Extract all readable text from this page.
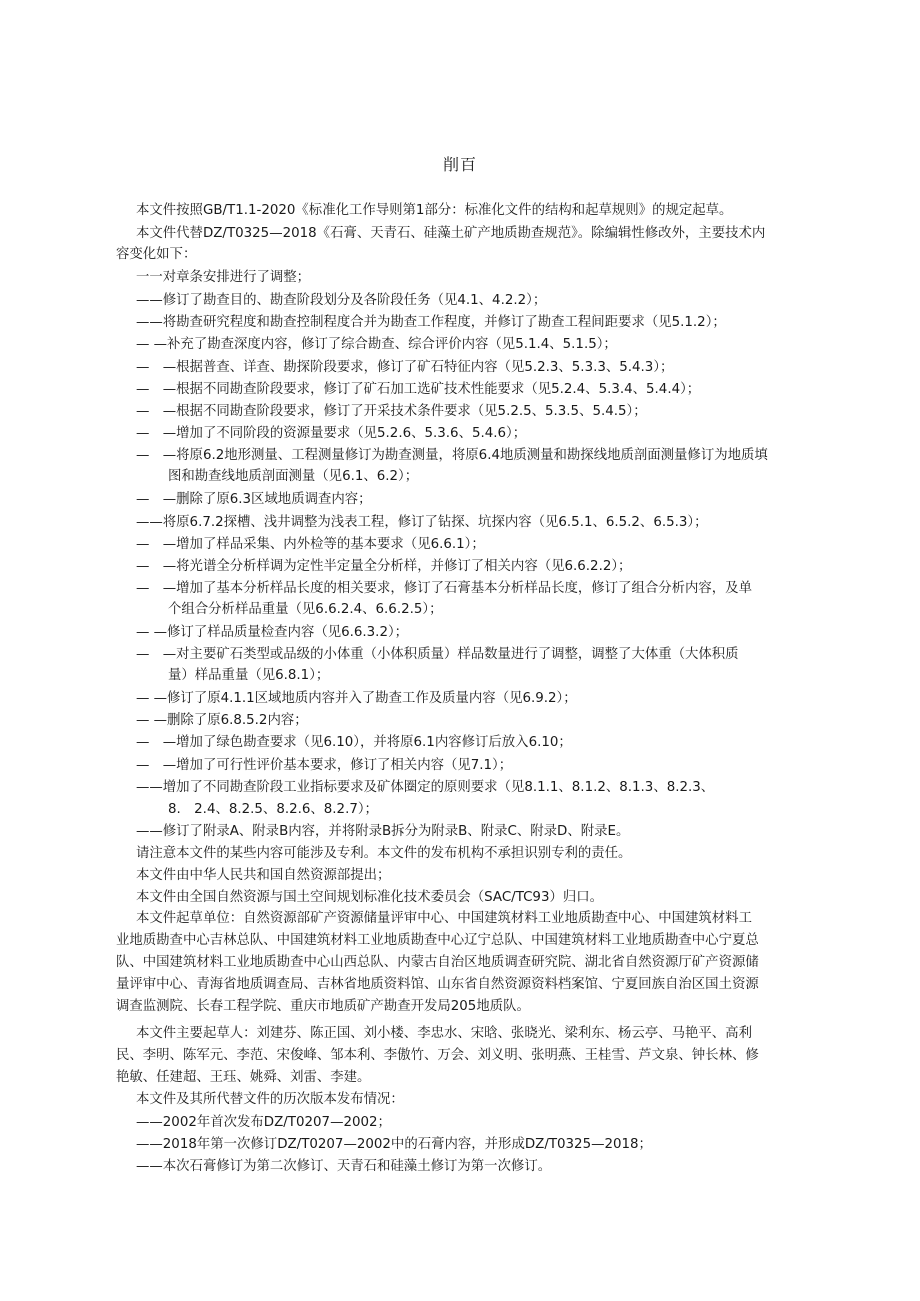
削百
本文件按照GB/T1.1-2020《标准化工作导则第1部分：标准化文件的结构和起草规则》的规定起草。
本文件代替DZ/T0325—2018《石膏、天青石、硅藻土矿产地质勘查规范》。除编辑性修改外，主要技术内
容变化如下：
一一对章条安排进行了调整；
——修订了勘查目的、勘查阶段划分及各阶段任务（见4.1、4.2.2）；
——将勘查研究程度和勘查控制程度合并为勘查工作程度，并修订了勘查工程间距要求（见5.1.2）；
— —补充了勘查深度内容，修订了综合勘查、综合评价内容（见5.1.4、5.1.5）；
—　—根据普查、详查、勘探阶段要求，修订了矿石特征内容（见5.2.3、5.3.3、5.4.3）；
—　—根据不同勘查阶段要求，修订了矿石加工选矿技术性能要求（见5.2.4、5.3.4、5.4.4）；
—　—根据不同勘查阶段要求，修订了开采技术条件要求（见5.2.5、5.3.5、5.4.5）；
—　—增加了不同阶段的资源量要求（见5.2.6、5.3.6、5.4.6）；
—　—将原6.2地形测量、工程测量修订为勘查测量，将原6.4地质测量和勘探线地质剖面测量修订为地质填
图和勘查线地质剖面测量（见6.1、6.2）；
—　—删除了原6.3区域地质调查内容；
——将原6.7.2探槽、浅井调整为浅表工程，修订了钻探、坑探内容（见6.5.1、6.5.2、6.5.3）；
—　—增加了样品采集、内外检等的基本要求（见6.6.1）；
—　—将光谱全分析样调为定性半定量全分析样，并修订了相关内容（见6.6.2.2）；
—　—增加了基本分析样品长度的相关要求，修订了石膏基本分析样品长度，修订了组合分析内容，及单
个组合分析样品重量（见6.6.2.4、6.6.2.5）；
— —修订了样品质量检查内容（见6.6.3.2）；
—　—对主要矿石类型或品级的小体重（小体积质量）样品数量进行了调整，调整了大体重（大体积质
量）样品重量（见6.8.1）；
— —修订了原4.1.1区域地质内容并入了勘查工作及质量内容（见6.9.2）；
— —删除了原6.8.5.2内容；
—　—增加了绿色勘查要求（见6.10），并将原6.1内容修订后放入6.10；
—　—增加了可行性评价基本要求，修订了相关内容（见7.1）；
——增加了不同勘查阶段工业指标要求及矿体圈定的原则要求（见8.1.1、8.1.2、8.1.3、8.2.3、
8.　2.4、8.2.5、8.2.6、8.2.7）；
——修订了附录A、附录B内容，并将附录B拆分为附录B、附录C、附录D、附录E。
请注意本文件的某些内容可能涉及专利。本文件的发布机构不承担识别专利的责任。
本文件由中华人民共和国自然资源部提出；
本文件由全国自然资源与国土空间规划标准化技术委员会（SAC/TC93）归口。
本文件起草单位：自然资源部矿产资源储量评审中心、中国建筑材料工业地质勘查中心、中国建筑材料工
业地质勘查中心吉林总队、中国建筑材料工业地质勘查中心辽宁总队、中国建筑材料工业地质勘查中心宁夏总
队、中国建筑材料工业地质勘查中心山西总队、内蒙古自治区地质调查研究院、湖北省自然资源厅矿产资源储
量评审中心、青海省地质调查局、吉林省地质资料馆、山东省自然资源资料档案馆、宁夏回族自治区国土资源
调查监测院、长春工程学院、重庆市地质矿产勘查开发局205地质队。
本文件主要起草人：刘建芬、陈正国、刘小楼、李忠水、宋晗、张晓光、梁利东、杨云亭、马艳平、高利
民、李明、陈军元、李范、宋俊峰、邹本利、李傲竹、万会、刘义明、张明燕、王桂雪、芦文泉、钟长林、修
艳敏、任建超、王珏、姚舜、刘雷、李建。
本文件及其所代替文件的历次版本发布情况：
——2002年首次发布DZ/T0207—2002；
——2018年第一次修订DZ/T0207—2002中的石膏内容，并形成DZ/T0325—2018；
——本次石膏修订为第二次修订、天青石和硅藻土修订为第一次修订。
